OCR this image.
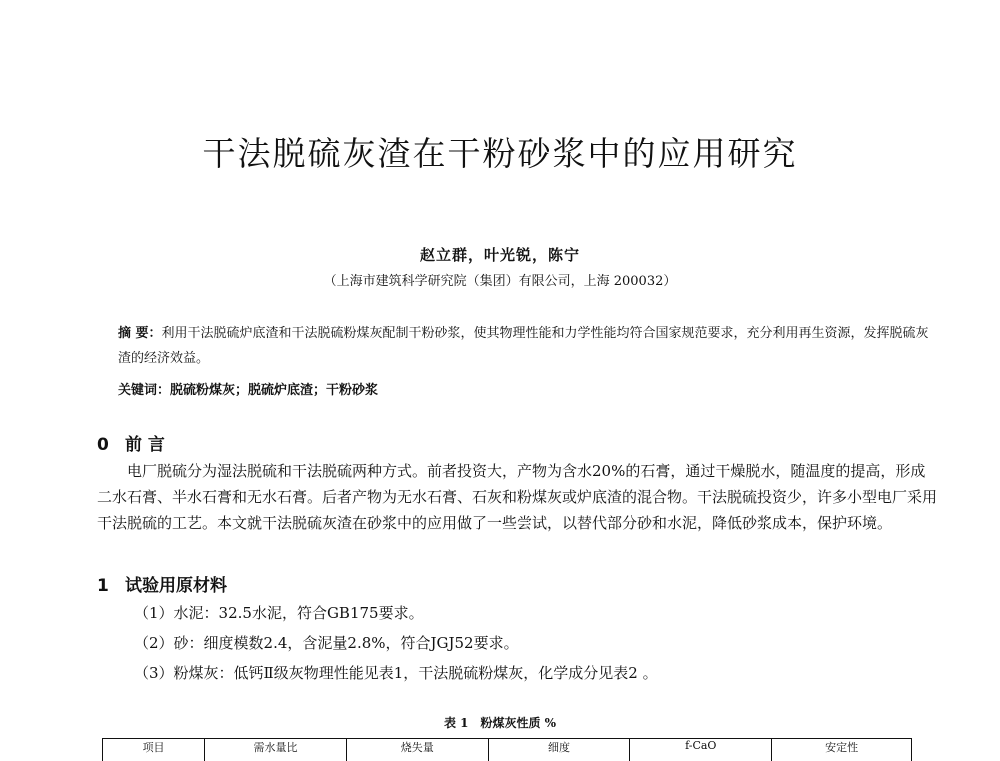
干法脱硫灰渣在干粉砂浆中的应用研究
赵立群，叶光锐，陈宁
（上海市建筑科学研究院（集团）有限公司，上海 200032）
摘 要：利用干法脱硫炉底渣和干法脱硫粉煤灰配制干粉砂浆，使其物理性能和力学性能均符合国家规范要求，充分利用再生资源，发挥脱硫灰渣的经济效益。
关键词：脱硫粉煤灰；脱硫炉底渣；干粉砂浆
0 前 言
电厂脱硫分为湿法脱硫和干法脱硫两种方式。前者投资大，产物为含水20%的石膏，通过干燥脱水，随温度的提高，形成二水石膏、半水石膏和无水石膏。后者产物为无水石膏、石灰和粉煤灰或炉底渣的混合物。干法脱硫投资少，许多小型电厂采用干法脱硫的工艺。本文就干法脱硫灰渣在砂浆中的应用做了一些尝试，以替代部分砂和水泥，降低砂浆成本，保护环境。
1 试验用原材料
（1）水泥：32.5水泥，符合GB175要求。
（2）砂：细度模数2.4，含泥量2.8%，符合JGJ52要求。
（3）粉煤灰：低钙Ⅱ级灰物理性能见表1，干法脱硫粉煤灰，化学成分见表2 。
表 1　粉煤灰性质 %
项目	需水量比	烧失量	细度	f-CaO	安定性
